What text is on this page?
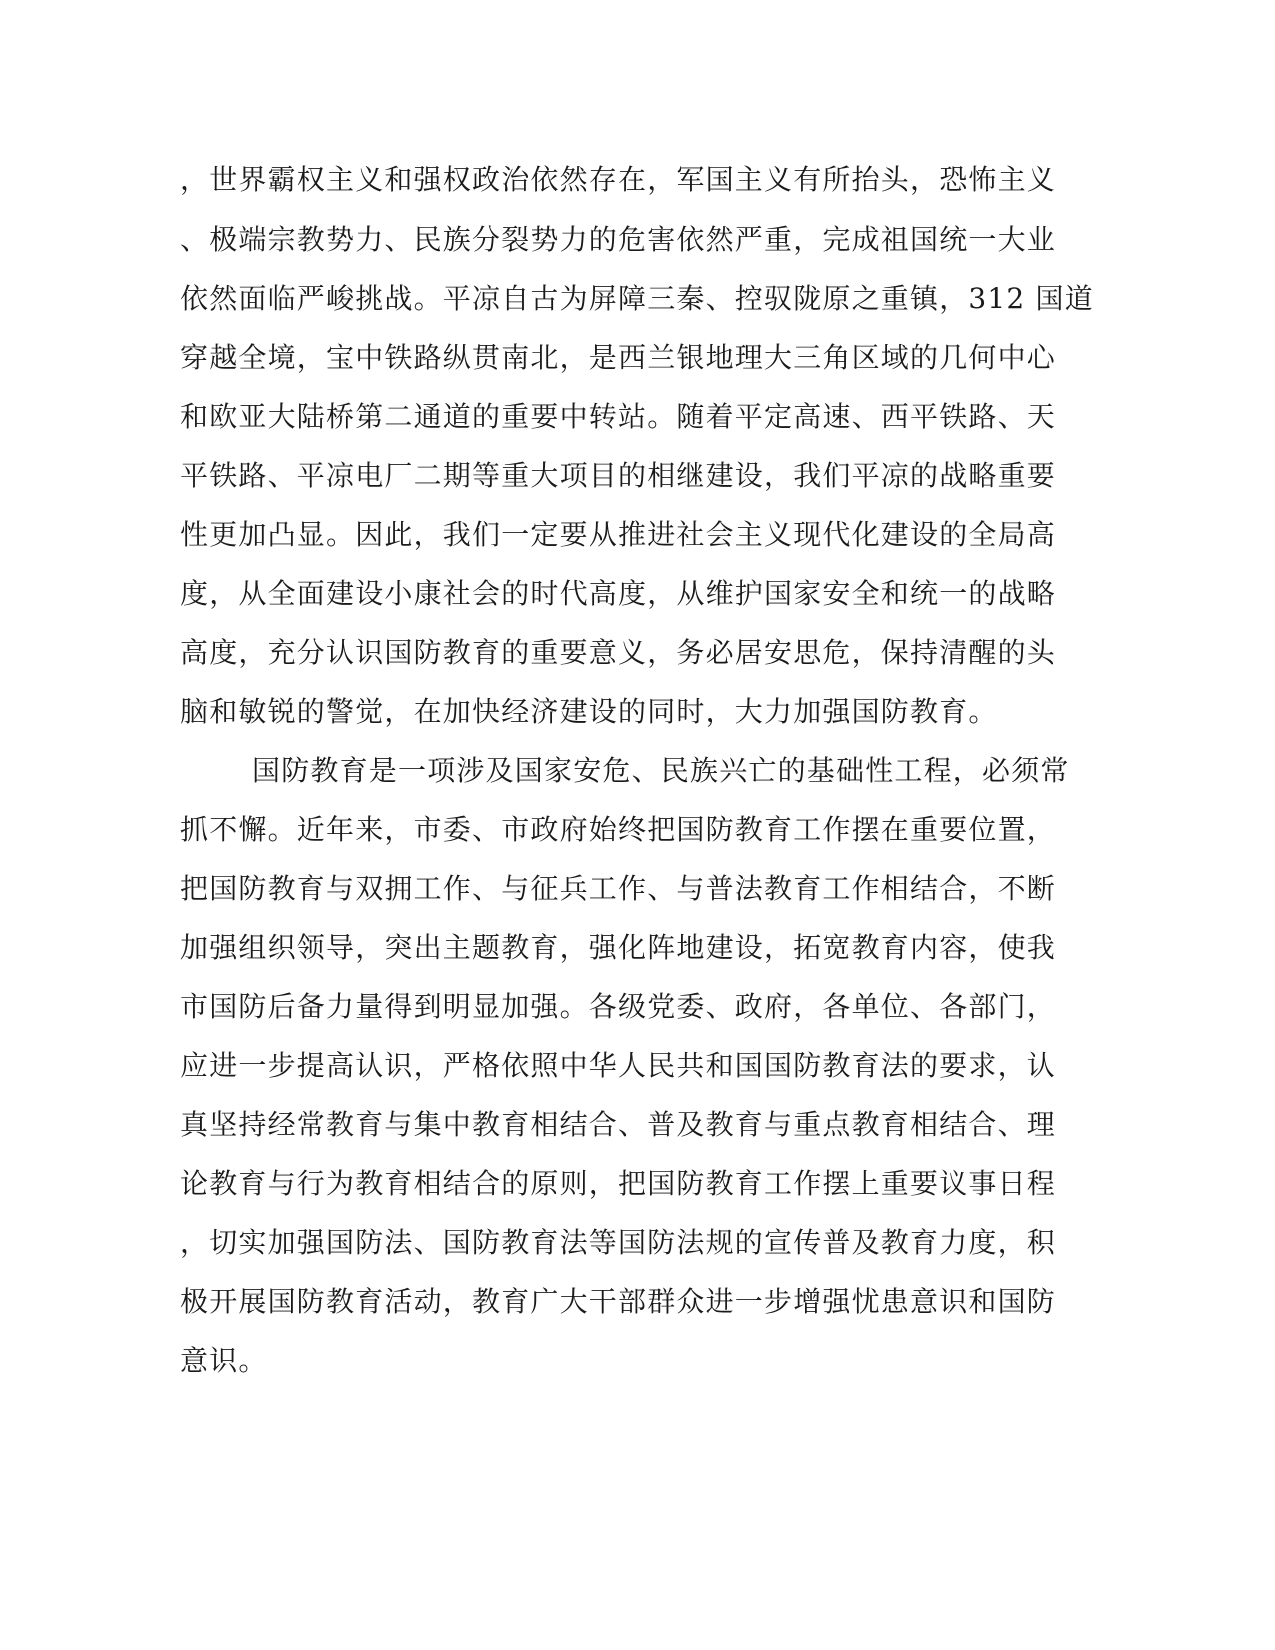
，世界霸权主义和强权政治依然存在，军国主义有所抬头，恐怖主义
、极端宗教势力、民族分裂势力的危害依然严重，完成祖国统一大业
依然面临严峻挑战。平凉自古为屏障三秦、控驭陇原之重镇，312 国道
穿越全境，宝中铁路纵贯南北，是西兰银地理大三角区域的几何中心
和欧亚大陆桥第二通道的重要中转站。随着平定高速、西平铁路、天
平铁路、平凉电厂二期等重大项目的相继建设，我们平凉的战略重要
性更加凸显。因此，我们一定要从推进社会主义现代化建设的全局高
度，从全面建设小康社会的时代高度，从维护国家安全和统一的战略
高度，充分认识国防教育的重要意义，务必居安思危，保持清醒的头
脑和敏锐的警觉，在加快经济建设的同时，大力加强国防教育。
国防教育是一项涉及国家安危、民族兴亡的基础性工程，必须常
抓不懈。近年来，市委、市政府始终把国防教育工作摆在重要位置，
把国防教育与双拥工作、与征兵工作、与普法教育工作相结合，不断
加强组织领导，突出主题教育，强化阵地建设，拓宽教育内容，使我
市国防后备力量得到明显加强。各级党委、政府，各单位、各部门，
应进一步提高认识，严格依照中华人民共和国国防教育法的要求，认
真坚持经常教育与集中教育相结合、普及教育与重点教育相结合、理
论教育与行为教育相结合的原则，把国防教育工作摆上重要议事日程
，切实加强国防法、国防教育法等国防法规的宣传普及教育力度，积
极开展国防教育活动，教育广大干部群众进一步增强忧患意识和国防
意识。
